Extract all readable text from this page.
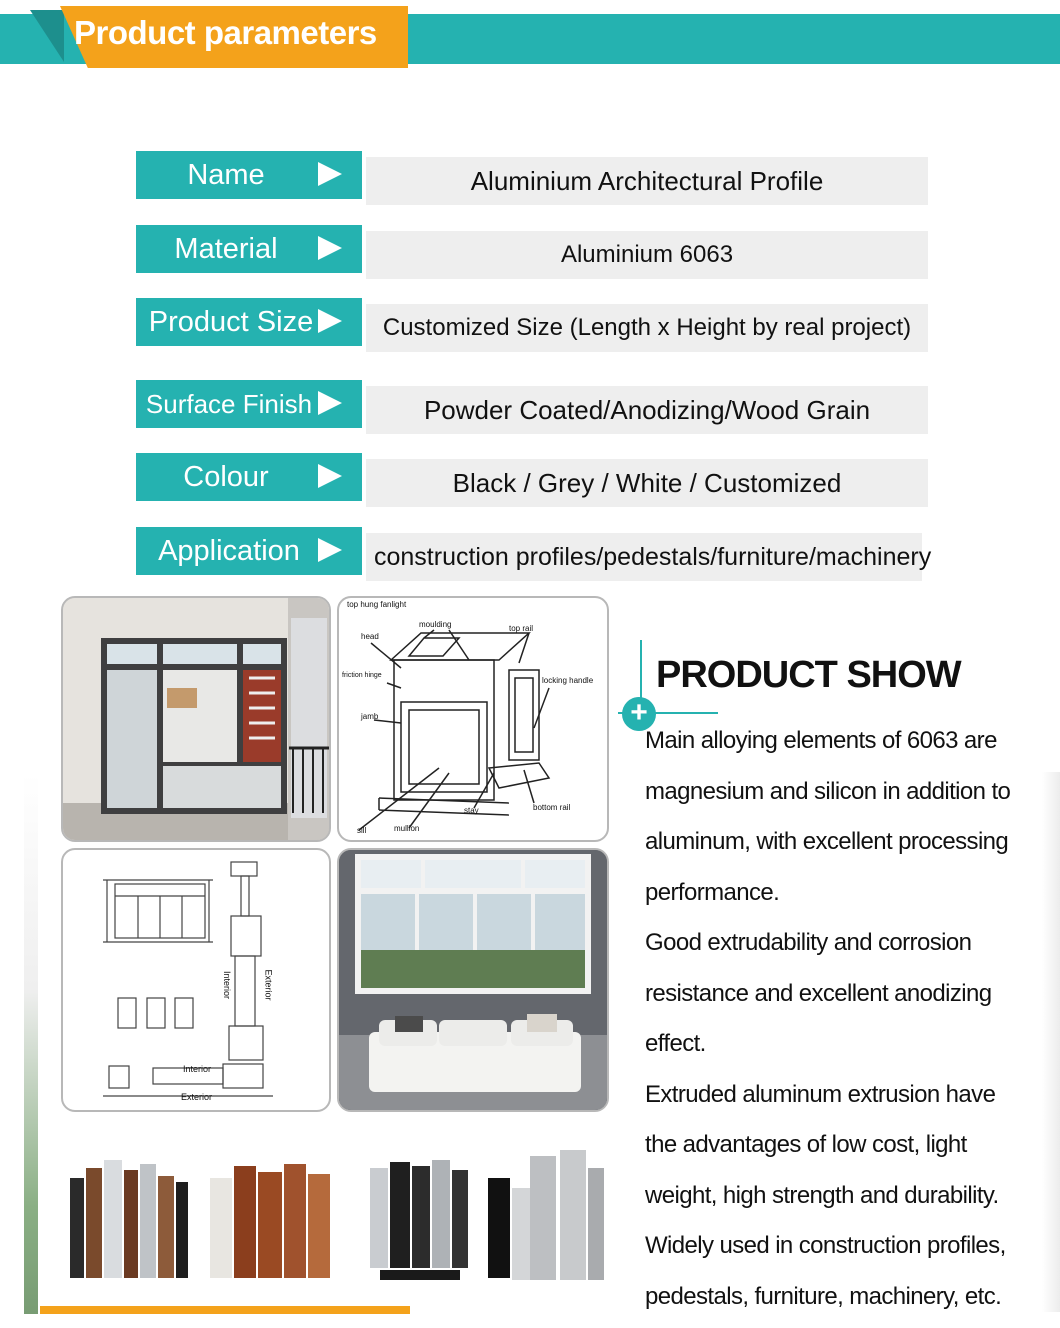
Product parameters
Name	Aluminium Architectural Profile
Material	Aluminium 6063
Product Size	Customized Size (Length x Height by real project)
Surface Finish	Powder Coated/Anodizing/Wood Grain
Colour	Black / Grey / White / Customized
Application	construction profiles/pedestals/furniture/machinery
top hung fanlight
moulding	top rail
head
friction hinge
locking handle
jamb
stay	bottom rail
sill	mullion
Interior	Exterior
Interior
Exterior
+
PRODUCT SHOW
Main alloying elements of 6063 are
magnesium and silicon in addition to
aluminum, with excellent processing
performance.
Good extrudability and corrosion
resistance and excellent anodizing
effect.
Extruded aluminum extrusion have
the advantages of low cost, light
weight, high strength and durability.
Widely used in construction profiles,
pedestals, furniture, machinery, etc.
